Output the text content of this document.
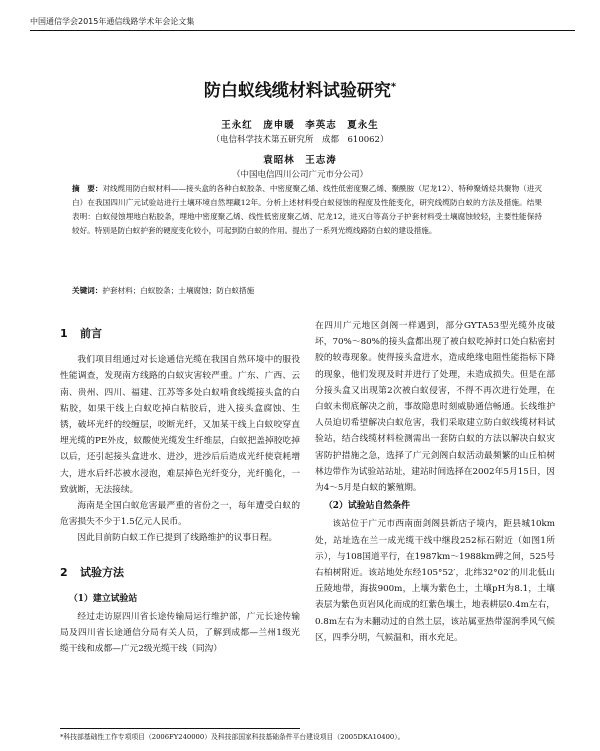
中国通信学会2015年通信线路学术年会论文集
防白蚁线缆材料试验研究*
王永红　庞申暖　李英志　夏永生
（电信科学技术第五研究所　成都　610062）
袁昭林　王志涛
（中国电信四川公司广元市分公司）
摘　要：对线缆用防白蚁材料——接头盒的各种白蚁胶条、中密度聚乙烯、线性低密度聚乙烯、聚酰胺（尼龙12）、特种聚烯烃共聚物（进灭白）在我国四川广元试验站进行土壤环境自然埋藏12年。分析上述材料受白蚁侵蚀的程度及性能变化，研究线缆防白蚁的方法及措施。结果表明：白蚁侵蚀埋地白粘胶条，埋地中密度聚乙烯、线性低密度聚乙烯、尼龙12，进灭白等高分子护套材料受土壤腐蚀较轻，主要性能保持较好。特别是防白蚁护套的硬度变化较小，可起到防白蚁的作用。提出了一系列光缆线路防白蚁的建设措施。
关键词：护套材料；白蚁胶条；土壤腐蚀；防白蚁措施
1 前言

我们项目组通过对长途通信光缆在我国自然环境中的服役性能调查，发现南方线路的白蚁灾害较严重。广东、广西、云南、贵州、四川、福建、江苏等多处白蚁啃食线缆接头盒的白粘胶，如果干线上白蚁吃掉白粘胶后，进入接头盒腐蚀、生锈，破坏光纤的绞缠层，咬断光纤，又加某干线上白蚁咬穿直埋光缆的PE外皮，蚁酸使光缆发生纤维层，白蚁把盖掉胶吃掉以后，还引起接头盒进水、进沙，进沙后后造成光纤使衰耗增大，进水后纤芯被水浸泡，难层掉色光纤变分，光纤脆化，一致就断，无法接续。

海南是全国白蚁危害最严重的省份之一，每年遭受白蚁的危害损失不少于1.5亿元人民币。

因此目前防白蚁工作已提到了线路维护的议事日程。

2 试验方法
（1）建立试验站

经过走访原四川省长途传输局运行维护部，广元长途传输局及四川省长途通信分局有关人员，了解到成都—兰州1级光缆干线和成都—广元2级光缆干线（同沟）

在四川广元地区剑阁一样遇到，部分GYTA53型光缆外皮破坏，70%～80%的接头盒都出现了被白蚁吃掉封口处白粘密封胶的较毒现象。使得接头盒进水，造成绝缘电阻性能指标下降的现象，他们发现及时并进行了处理，未造成损失。但是在部分接头盒又出现第2次被白蚁侵害，不得不再次进行处理，在白蚁未彻底解决之前，事故隐患时刻威胁通信畅通。长线维护人员迫切希望解决白蚁危害，我们采取建立防白蚁线缆材料试验站，结合线缆材料检测需出一套防白蚁的方法以解决白蚁灾害防护措施之急，选择了广元剑阁白蚁活动最频繁的山丘柏树林边带作为试验站站址，建站时间选择在2002年5月15日，因为4～5月是白蚁的繁殖期。

（2）试验站自然条件

该站位于广元市西南面剑阁县新店子境内，距县城10km处，站址选在兰一成光缆干线中继段252标石附近（如图1所示），与108国道平行，在1987km～1988km碑之间，525号右柏树附近。该站地处东经105°52′，北纬32°02′的川北低山丘陵地带，海拔900m，上壤为紫色土，土壤pH为8.1，土壤表层为紫色页岩风化而成的红紫色壤土，地表耕层0.4m左右，0.8m左右为未翻动过的自然土层，该站属亚热带湿润季风气候区，四季分明，气候温和，雨水充足。

*科技部基础性工作专项项目（2006FY240000）及科技部国家科技基础条件平台建设项目（2005DKA10400）。
